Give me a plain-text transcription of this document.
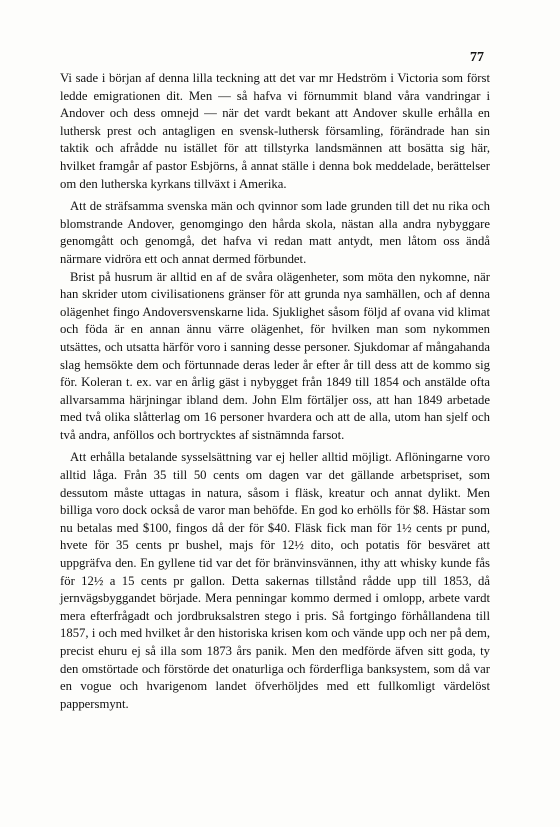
77

Vi sade i början af denna lilla teckning att det var mr Hedström i Victoria som först ledde emigrationen dit. Men — så hafva vi förnummit bland våra vandringar i Andover och dess omnejd — när det vardt bekant att Andover skulle erhålla en luthersk prest och antagligen en svensk-luthersk församling, förändrade han sin taktik och afrådde nu istället för att tillstyrka landsmännen att bosätta sig här, hvilket framgår af pastor Esbjörns, å annat ställe i denna bok meddelade, berättelser om den lutherska kyrkans tillväxt i Amerika.

Att de sträfsamma svenska män och qvinnor som lade grunden till det nu rika och blomstrande Andover, genomgingo den hårda skola, nästan alla andra nybyggare genomgått och genomgå, det hafva vi redan matt antydt, men låtom oss ändå närmare vidröra ett och annat dermed förbundet.

Brist på husrum är alltid en af de svåra olägenheter, som möta den nykomne, när han skrider utom civilisationens gränser för att grunda nya samhällen, och af denna olägenhet fingo Andoversvenskarne lida. Sjuklighet såsom följd af ovana vid klimat och föda är en annan ännu värre olägenhet, för hvilken man som nykommen utsättes, och utsatta härför voro i sanning desse personer. Sjukdomar af mångahanda slag hemsökte dem och förtunnade deras leder år efter år till dess att de kommo sig för. Koleran t. ex. var en årlig gäst i nybygget från 1849 till 1854 och anstälde ofta allvarsamma härjningar ibland dem. John Elm förtäljer oss, att han 1849 arbetade med två olika slåtterlag om 16 personer hvardera och att de alla, utom han sjelf och två andra, anföllos och bortrycktes af sistnämnda farsot.

Att erhålla betalande sysselsättning var ej heller alltid möjligt. Aflöningarne voro alltid låga. Från 35 till 50 cents om dagen var det gällande arbetspriset, som dessutom måste uttagas in natura, såsom i fläsk, kreatur och annat dylikt. Men billiga voro dock också de varor man behöfde. En god ko erhölls för $8. Hästar som nu betalas med $100, fingos då der för $40. Fläsk fick man för 1½ cents pr pund, hvete för 35 cents pr bushel, majs för 12½ dito, och potatis för besväret att uppgräfva den. En gyllene tid var det för bränvinsvännen, ithy att whisky kunde fås för 12½ a 15 cents pr gallon. Detta sakernas tillstånd rådde upp till 1853, då jernvägsbyggandet började. Mera penningar kommo dermed i omlopp, arbete vardt mera efterfrågadt och jordbruksalstren stego i pris. Så fortgingo förhållandena till 1857, i och med hvilket år den historiska krisen kom och vände upp och ner på dem, precist ehuru ej så illa som 1873 års panik. Men den medförde äfven sitt goda, ty den omstörtade och förstörde det onaturliga och förderfliga banksystem, som då var en vogue och hvarigenom landet öfverhöljdes med ett fullkomligt värdelöst pappersmynt.
